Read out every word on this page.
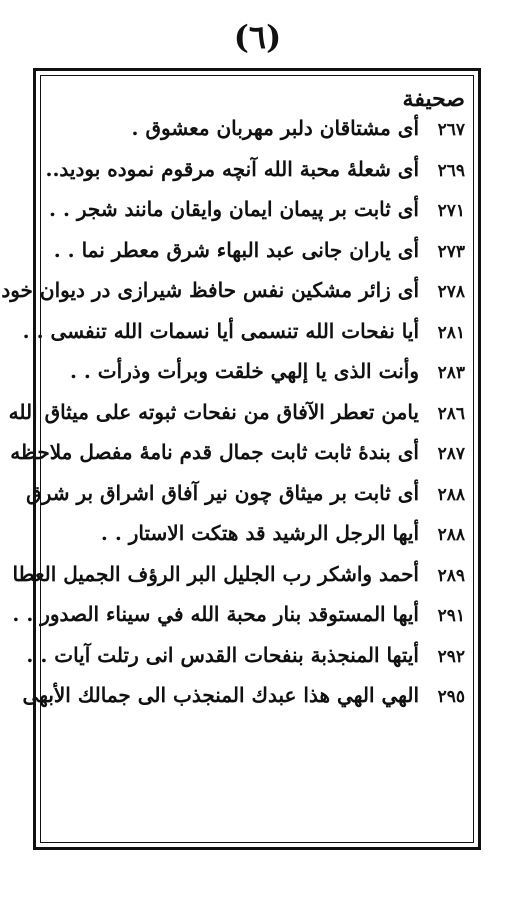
(٦)
صحيفة
٢٦٧
أی مشتاقان دلبر مهربان معشوق .
٢٦٩
أی شعلهٔ محبة الله آنچه مرقوم نموده بوديد..
٢٧١
أی ثابت بر پیمان ايمان وايقان مانند شجر . .
٢٧٣
أی ياران جانی عبد البهاء شرق معطر نما . .
٢٧٨
أی زائر مشکين نفس حافظ شيرازی در ديوان خود
٢٨١
أيا نفحات الله تنسمی أيا نسمات الله تنفسی . .
٢٨٣
وأنت الذی يا إلهي خلقت وبرأت وذرأت . .
٢٨٦
يامن تعطر الآفاق من نفحات ثبوته على ميثاق الله
٢٨٧
أی بندهٔ ثابت ثابت جمال قدم نامهٔ مفصل ملاحظه
٢٨٨
أی ثابت بر ميثاق چون نير آفاق اشراق بر شرق
٢٨٨
أيها الرجل الرشيد قد هتكت الاستار . .
٢٨٩
أحمد واشكر رب الجليل البر الرؤف الجميل العطا
٢٩١
أيها المستوقد بنار محبة الله في سيناء الصدور . .
٢٩٢
أيتها المنجذبة بنفحات القدس انی رتلت آيات . .
٢٩٥
الهي الهي هذا عبدك المنجذب الى جمالك الأبهى
